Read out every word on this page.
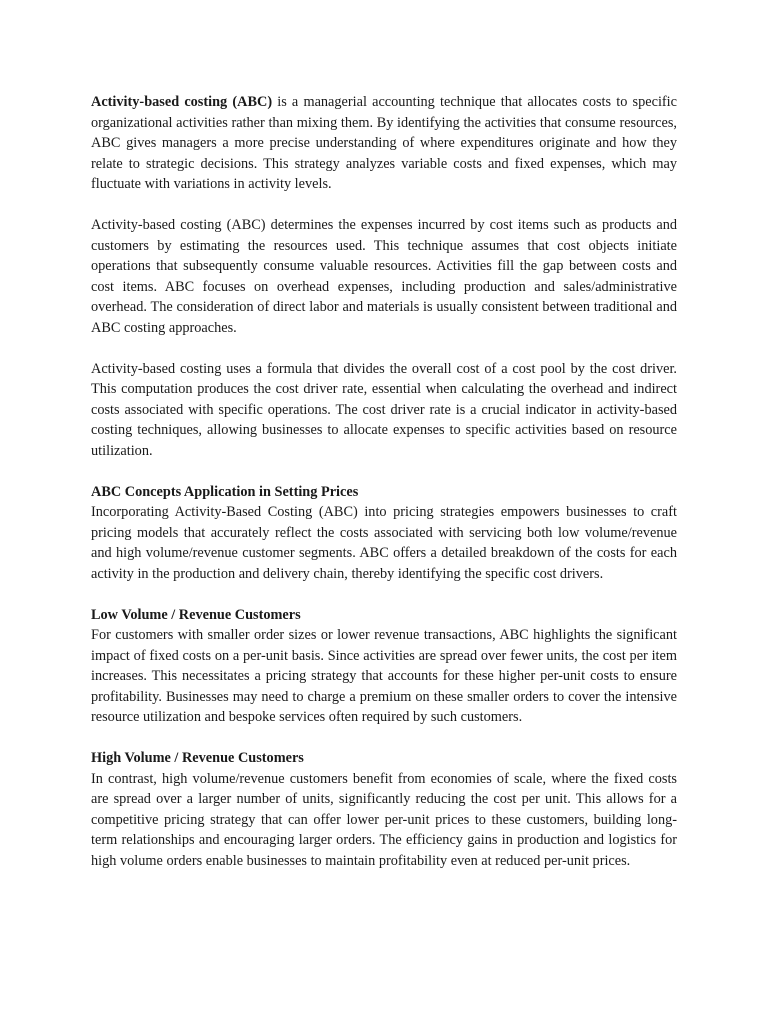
Activity-based costing (ABC) is a managerial accounting technique that allocates costs to specific organizational activities rather than mixing them. By identifying the activities that consume resources, ABC gives managers a more precise understanding of where expenditures originate and how they relate to strategic decisions. This strategy analyzes variable costs and fixed expenses, which may fluctuate with variations in activity levels.

Activity-based costing (ABC) determines the expenses incurred by cost items such as products and customers by estimating the resources used. This technique assumes that cost objects initiate operations that subsequently consume valuable resources. Activities fill the gap between costs and cost items. ABC focuses on overhead expenses, including production and sales/administrative overhead. The consideration of direct labor and materials is usually consistent between traditional and ABC costing approaches.

Activity-based costing uses a formula that divides the overall cost of a cost pool by the cost driver. This computation produces the cost driver rate, essential when calculating the overhead and indirect costs associated with specific operations. The cost driver rate is a crucial indicator in activity-based costing techniques, allowing businesses to allocate expenses to specific activities based on resource utilization.

ABC Concepts Application in Setting Prices

Incorporating Activity-Based Costing (ABC) into pricing strategies empowers businesses to craft pricing models that accurately reflect the costs associated with servicing both low volume/revenue and high volume/revenue customer segments. ABC offers a detailed breakdown of the costs for each activity in the production and delivery chain, thereby identifying the specific cost drivers.

Low Volume / Revenue Customers

For customers with smaller order sizes or lower revenue transactions, ABC highlights the significant impact of fixed costs on a per-unit basis. Since activities are spread over fewer units, the cost per item increases. This necessitates a pricing strategy that accounts for these higher per-unit costs to ensure profitability. Businesses may need to charge a premium on these smaller orders to cover the intensive resource utilization and bespoke services often required by such customers.

High Volume / Revenue Customers

In contrast, high volume/revenue customers benefit from economies of scale, where the fixed costs are spread over a larger number of units, significantly reducing the cost per unit. This allows for a competitive pricing strategy that can offer lower per-unit prices to these customers, building long-term relationships and encouraging larger orders. The efficiency gains in production and logistics for high volume orders enable businesses to maintain profitability even at reduced per-unit prices.
